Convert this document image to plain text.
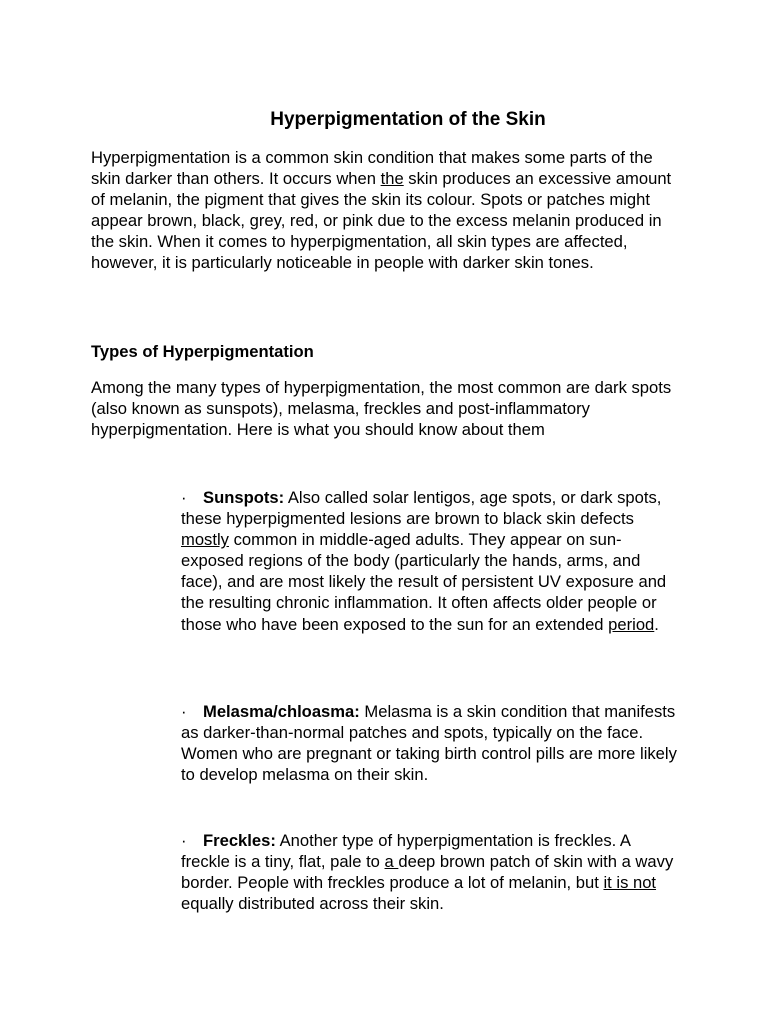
Hyperpigmentation of the Skin

Hyperpigmentation is a common skin condition that makes some parts of the skin darker than others. It occurs when the skin produces an excessive amount of melanin, the pigment that gives the skin its colour. Spots or patches might appear brown, black, grey, red, or pink due to the excess melanin produced in the skin. When it comes to hyperpigmentation, all skin types are affected, however, it is particularly noticeable in people with darker skin tones.

Types of Hyperpigmentation

Among the many types of hyperpigmentation, the most common are dark spots (also known as sunspots), melasma, freckles and post-inflammatory hyperpigmentation. Here is what you should know about them

· Sunspots: Also called solar lentigos, age spots, or dark spots, these hyperpigmented lesions are brown to black skin defects mostly common in middle-aged adults. They appear on sun-exposed regions of the body (particularly the hands, arms, and face), and are most likely the result of persistent UV exposure and the resulting chronic inflammation. It often affects older people or those who have been exposed to the sun for an extended period.

· Melasma/chloasma: Melasma is a skin condition that manifests as darker-than-normal patches and spots, typically on the face. Women who are pregnant or taking birth control pills are more likely to develop melasma on their skin.

· Freckles: Another type of hyperpigmentation is freckles. A freckle is a tiny, flat, pale to a deep brown patch of skin with a wavy border. People with freckles produce a lot of melanin, but it is not equally distributed across their skin.
